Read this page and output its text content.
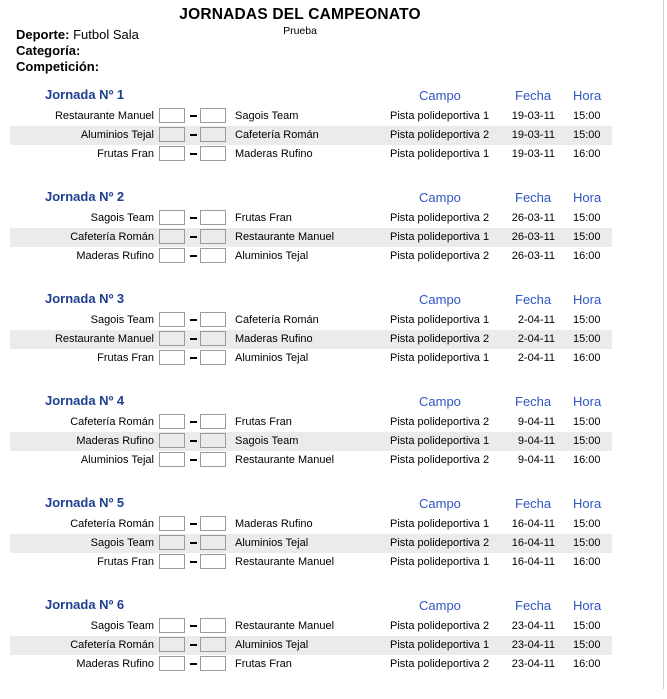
JORNADAS DEL CAMPEONATO
Prueba
Deporte: Futbol Sala
Categoría:
Competición:
Jornada Nº 1	Campo	Fecha Hora
Restaurante Manuel	Sagois Team	Pista polideportiva 1	19-03-11 15:00
Aluminios Tejal	Cafetería Román	Pista polideportiva 2	19-03-11 15:00
Frutas Fran	Maderas Rufino	Pista polideportiva 1	19-03-11 16:00
Jornada Nº 2	Campo	Fecha Hora
Sagois Team	Frutas Fran	Pista polideportiva 2	26-03-11 15:00
Cafetería Román	Restaurante Manuel	Pista polideportiva 1	26-03-11 15:00
Maderas Rufino	Aluminios Tejal	Pista polideportiva 2	26-03-11 16:00
Jornada Nº 3	Campo	Fecha Hora
Sagois Team	Cafetería Román	Pista polideportiva 1	2-04-11 15:00
Restaurante Manuel	Maderas Rufino	Pista polideportiva 2	2-04-11 15:00
Frutas Fran	Aluminios Tejal	Pista polideportiva 1	2-04-11 16:00
Jornada Nº 4	Campo	Fecha Hora
Cafetería Román	Frutas Fran	Pista polideportiva 2	9-04-11 15:00
Maderas Rufino	Sagois Team	Pista polideportiva 1	9-04-11 15:00
Aluminios Tejal	Restaurante Manuel	Pista polideportiva 2	9-04-11 16:00
Jornada Nº 5	Campo	Fecha Hora
Cafetería Román	Maderas Rufino	Pista polideportiva 1	16-04-11 15:00
Sagois Team	Aluminios Tejal	Pista polideportiva 2	16-04-11 15:00
Frutas Fran	Restaurante Manuel	Pista polideportiva 1	16-04-11 16:00
Jornada Nº 6	Campo	Fecha Hora
Sagois Team	Restaurante Manuel	Pista polideportiva 2	23-04-11 15:00
Cafetería Román	Aluminios Tejal	Pista polideportiva 1	23-04-11 15:00
Maderas Rufino	Frutas Fran	Pista polideportiva 2	23-04-11 16:00
